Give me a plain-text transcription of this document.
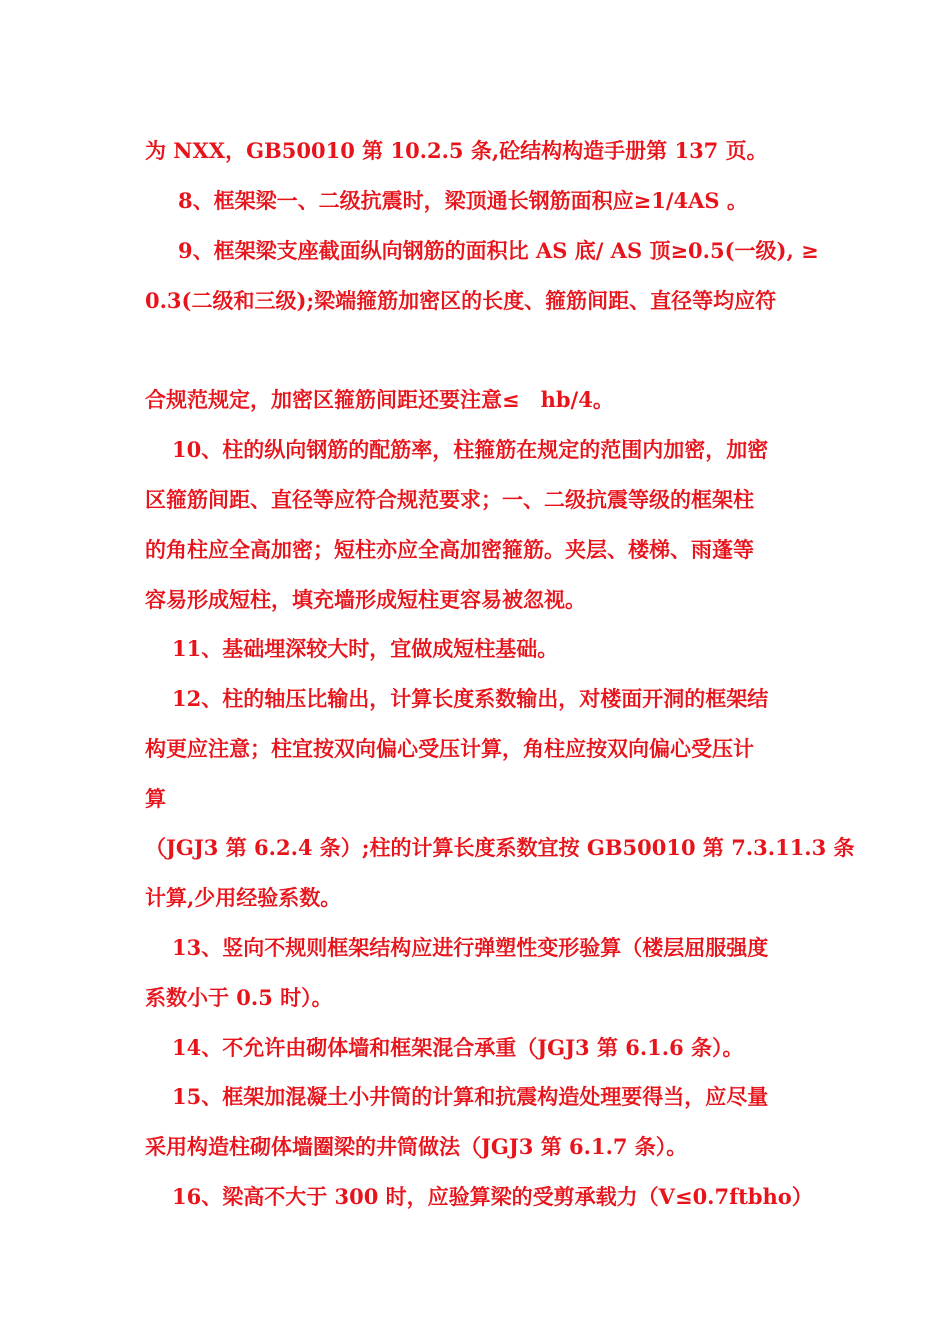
为 NXX，GB50010 第 10.2.5 条,砼结构构造手册第 137 页。
8、框架梁一、二级抗震时，梁顶通长钢筋面积应≥1/4AS 。
9、框架梁支座截面纵向钢筋的面积比 AS 底/ AS 顶≥0.5(一级), ≥
0.3(二级和三级);梁端箍筋加密区的长度、箍筋间距、直径等均应符
合规范规定，加密区箍筋间距还要注意≤　hb/4。
10、柱的纵向钢筋的配筋率，柱箍筋在规定的范围内加密，加密
区箍筋间距、直径等应符合规范要求；一、二级抗震等级的框架柱
的角柱应全高加密；短柱亦应全高加密箍筋。夹层、楼梯、雨蓬等
容易形成短柱，填充墙形成短柱更容易被忽视。
11、基础埋深较大时，宜做成短柱基础。
12、柱的轴压比输出，计算长度系数输出，对楼面开洞的框架结
构更应注意；柱宜按双向偏心受压计算，角柱应按双向偏心受压计
算
（JGJ3 第 6.2.4 条）;柱的计算长度系数宜按 GB50010 第 7.3.11.3 条
计算,少用经验系数。
13、竖向不规则框架结构应进行弹塑性变形验算（楼层屈服强度
系数小于 0.5 时）。
14、不允许由砌体墙和框架混合承重（JGJ3 第 6.1.6 条）。
15、框架加混凝土小井筒的计算和抗震构造处理要得当，应尽量
采用构造柱砌体墙圈梁的井筒做法（JGJ3 第 6.1.7 条）。
16、梁高不大于 300 时，应验算梁的受剪承载力（V≤0.7ftbho）
